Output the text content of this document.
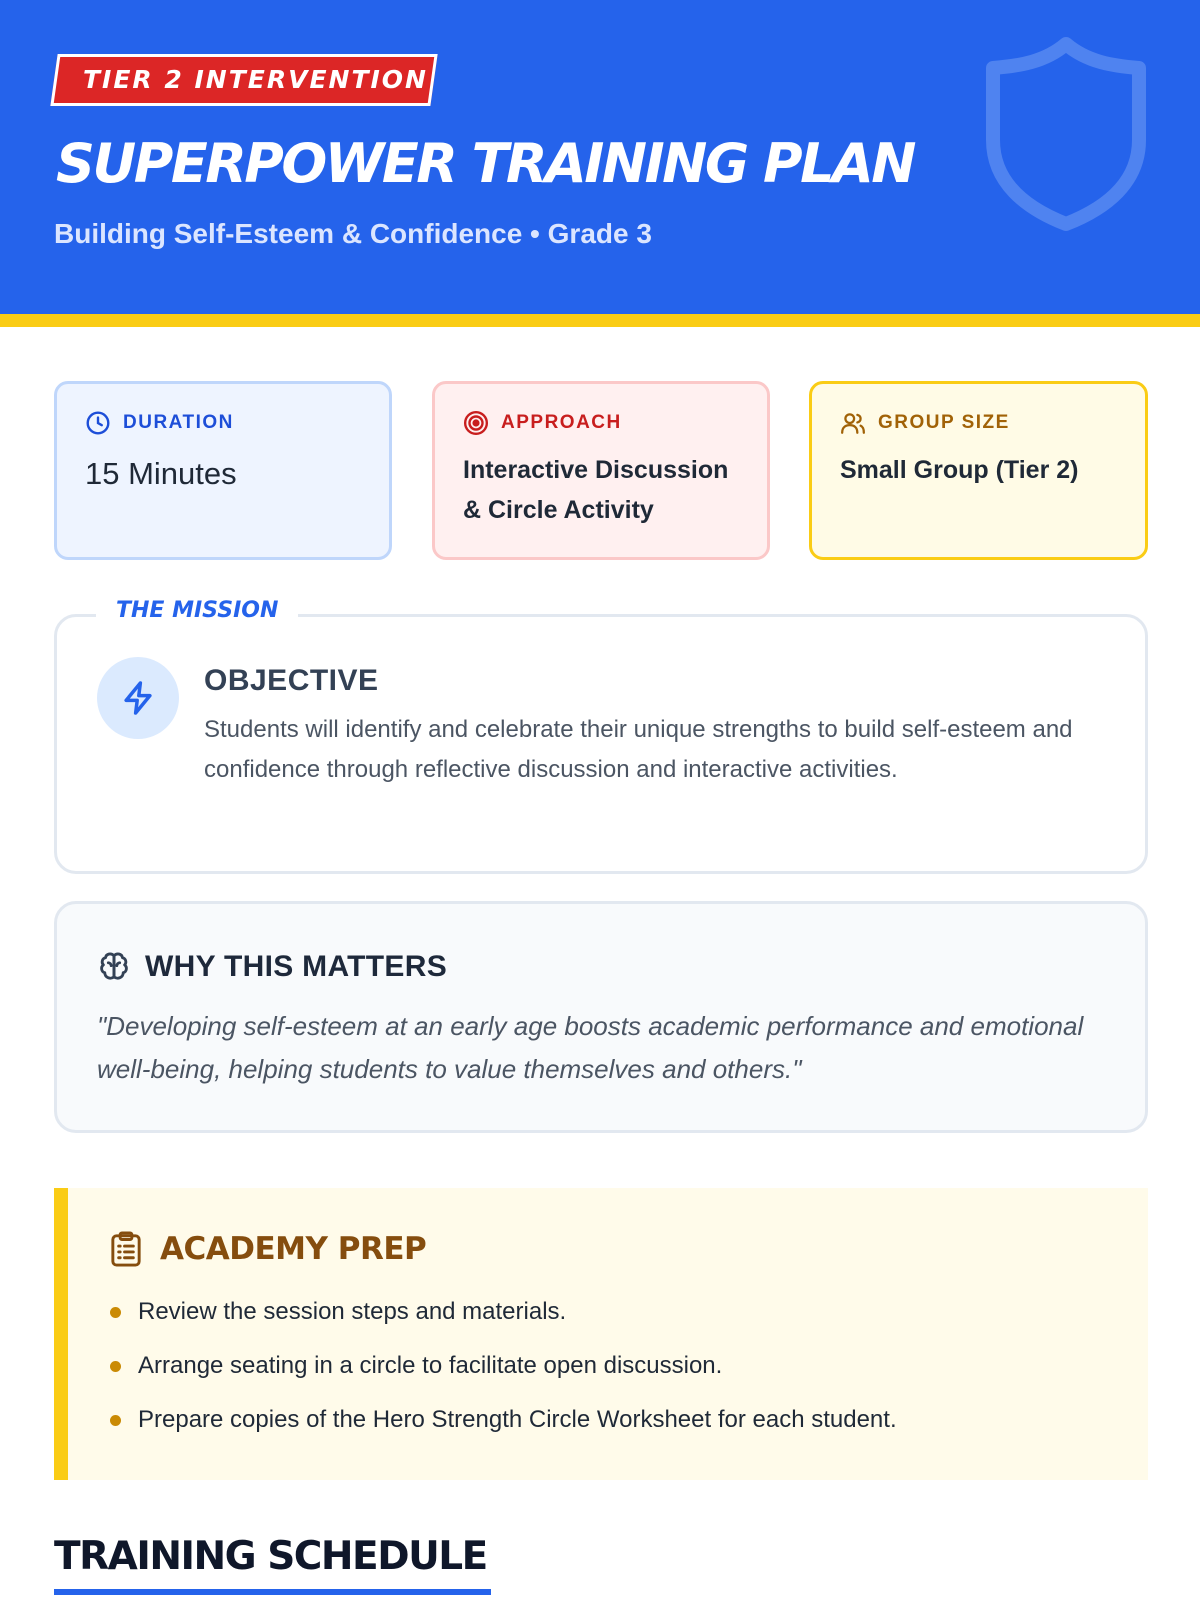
TIER 2 INTERVENTION
SUPERPOWER TRAINING PLAN
Building Self-Esteem & Confidence • Grade 3
DURATION
15 Minutes
APPROACH
Interactive Discussion & Circle Activity
GROUP SIZE
Small Group (Tier 2)
THE MISSION
OBJECTIVE
Students will identify and celebrate their unique strengths to build self-esteem and confidence through reflective discussion and interactive activities.
WHY THIS MATTERS
"Developing self-esteem at an early age boosts academic performance and emotional well-being, helping students to value themselves and others."
ACADEMY PREP
Review the session steps and materials.
Arrange seating in a circle to facilitate open discussion.
Prepare copies of the Hero Strength Circle Worksheet for each student.
TRAINING SCHEDULE
